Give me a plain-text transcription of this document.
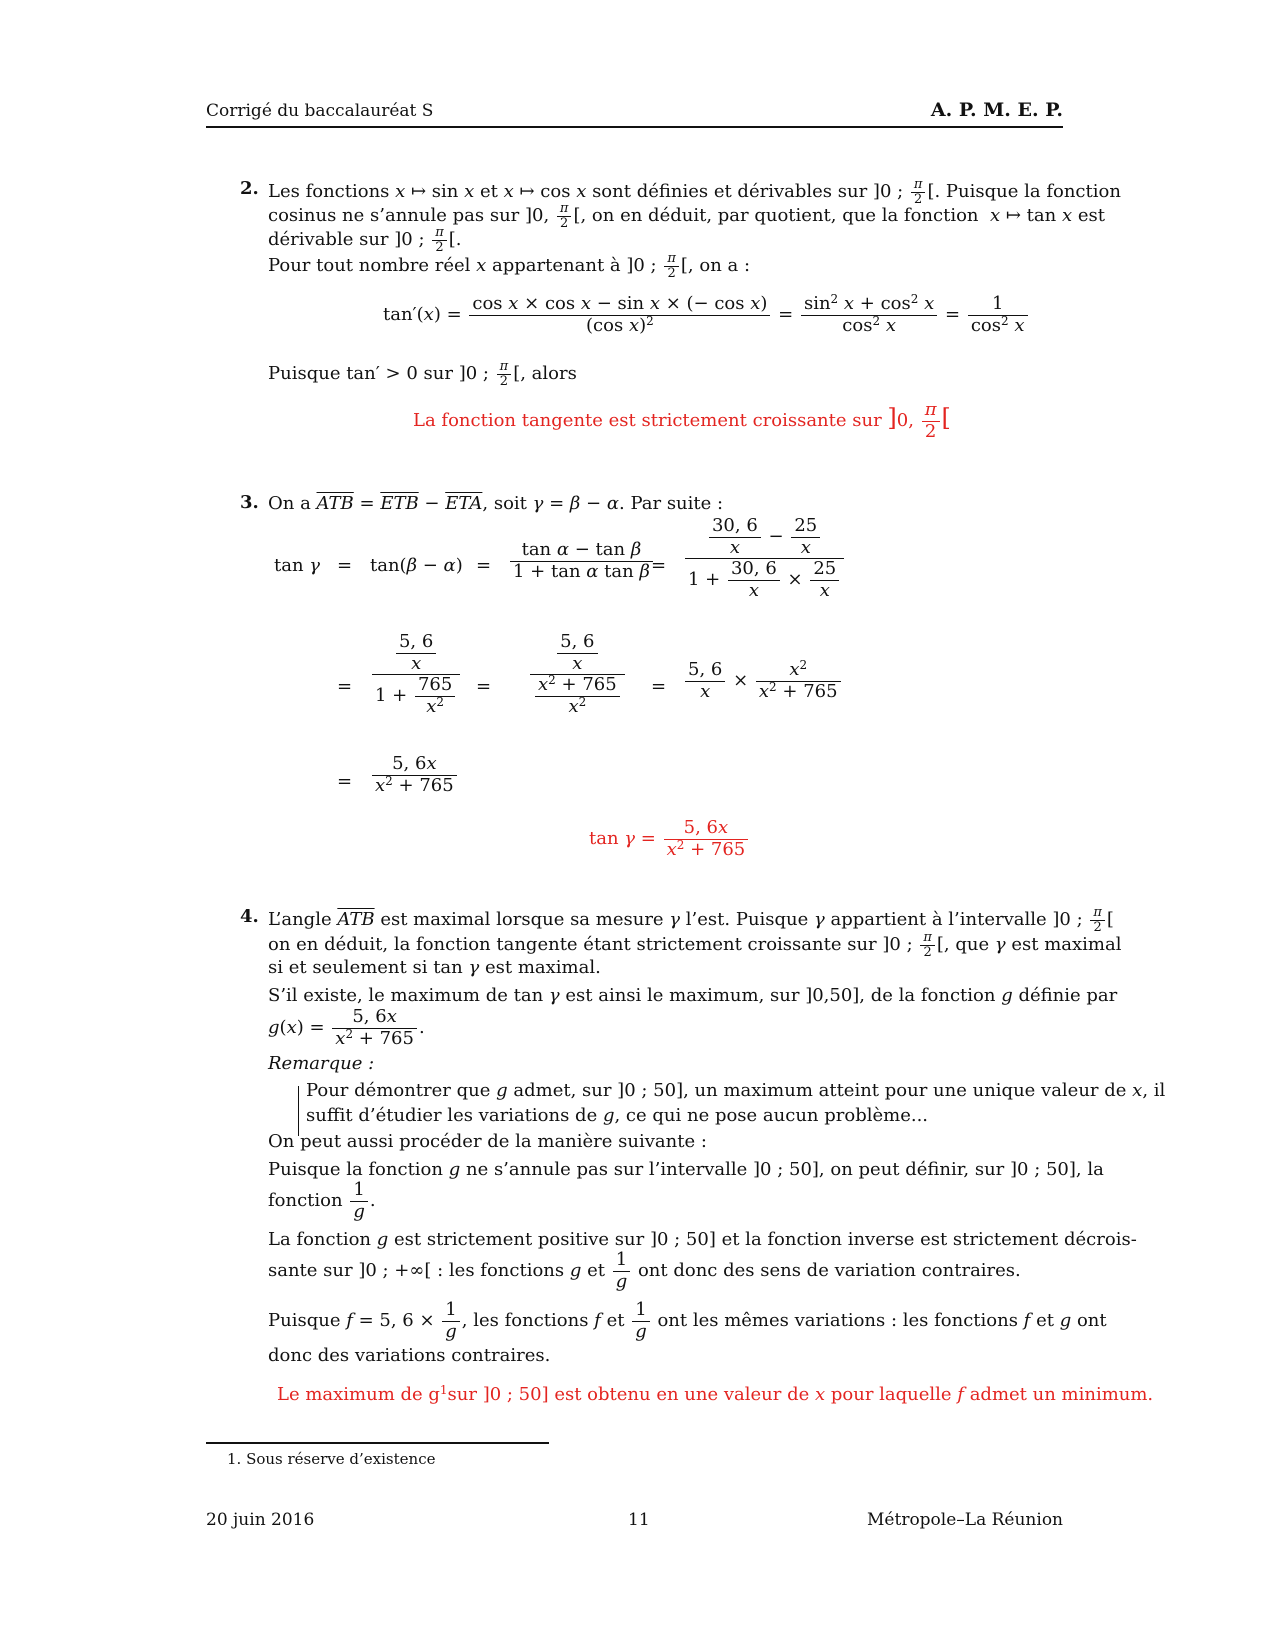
Corrigé du baccalauréat S	A. P. M. E. P.
2. Les fonctions x ↦ sin x et x ↦ cos x sont définies et dérivables sur ]0 ; $\frac{\pi}{2}$ [. Puisque la fonction
cosinus ne s’annule pas sur ]0, $\frac{\pi}{2}$ [, on en déduit, par quotient, que la fonction  x ↦ tan x est
dérivable sur ]0 ; $\frac{\pi}{2}$ [.
Pour tout nombre réel x appartenant à ]0 ; $\frac{\pi}{2}$ [, on a :
$\tan'(x) = \frac{\text{cos x × cos x − sin x × (− cos x)}}{(\cos x)^2} = \frac{\sin^2 x + \cos^2 x}{\cos^2 x} = \frac{1}{\cos^2 x}$
Puisque tan′ > 0 sur ]0 ; $\frac{\pi}{2}$ [, alors
La fonction tangente est strictement croissante sur ]0, $\frac{\pi}{2}$ [
3. On a $\overline{ATB} = \overline{ETB} - \overline{ETA}$, soit γ = β − α. Par suite :
$\tan \gamma = \tan(\beta - \alpha) = \frac{\text{tan α − tan β}}{\text{1 + tan α tan β}}$
= $\frac{\frac{30, 6}{x} - \frac{25}{x}}{1 + \frac{30, 6}{x} \times \frac{25}{x}}$
= $\frac{\frac{5, 6}{x}}{1 + \frac{765}{x^2}} = \frac{\frac{5, 6}{x}}{\frac{x^2 + 765}{x^2}} = \frac{5, 6}{x} \times \frac{x^2}{x^2 + 765}$
= $\frac{5, 6x}{x^2 + 765}$
$\tan \gamma = \frac{5, 6x}{x^2 + 765}$
4. L’angle $\overline{ATB}$ est maximal lorsque sa mesure γ l’est. Puisque γ appartient à l’intervalle ]0 ; $\frac{\pi}{2}$ [
on en déduit, la fonction tangente étant strictement croissante sur ]0 ; $\frac{\pi}{2}$ [, que γ est maximal
si et seulement si tan γ est maximal.
S’il existe, le maximum de tan γ est ainsi le maximum, sur ]0,50], de la fonction g définie par
$g(x) = \frac{5, 6x}{x^2 + 765}$ .
Remarque :
Pour démontrer que g admet, sur ]0 ; 50], un maximum atteint pour une unique valeur de x, il
suffit d’étudier les variations de g, ce qui ne pose aucun problème...
On peut aussi procéder de la manière suivante :
Puisque la fonction g ne s’annule pas sur l’intervalle ]0 ; 50], on peut définir, sur ]0 ; 50], la
fonction $\frac{1}{g}$ .
La fonction g est strictement positive sur ]0 ; 50] et la fonction inverse est strictement décrois-
sante sur ]0 ; +∞[ : les fonctions g et $\frac{1}{g}$ ont donc des sens de variation contraires.
Puisque f = 5, $6 \times \frac{1}{g}$ , les fonctions f et $\frac{1}{g}$ ont les mêmes variations : les fonctions f et g ont
donc des variations contraires.
Le maximum de $g^1sur$ ]0 ; 50] est obtenu en une valeur de x pour laquelle f admet un minimum.
1. Sous réserve d’existence
20 juin 2016	11	Métropole–La Réunion
